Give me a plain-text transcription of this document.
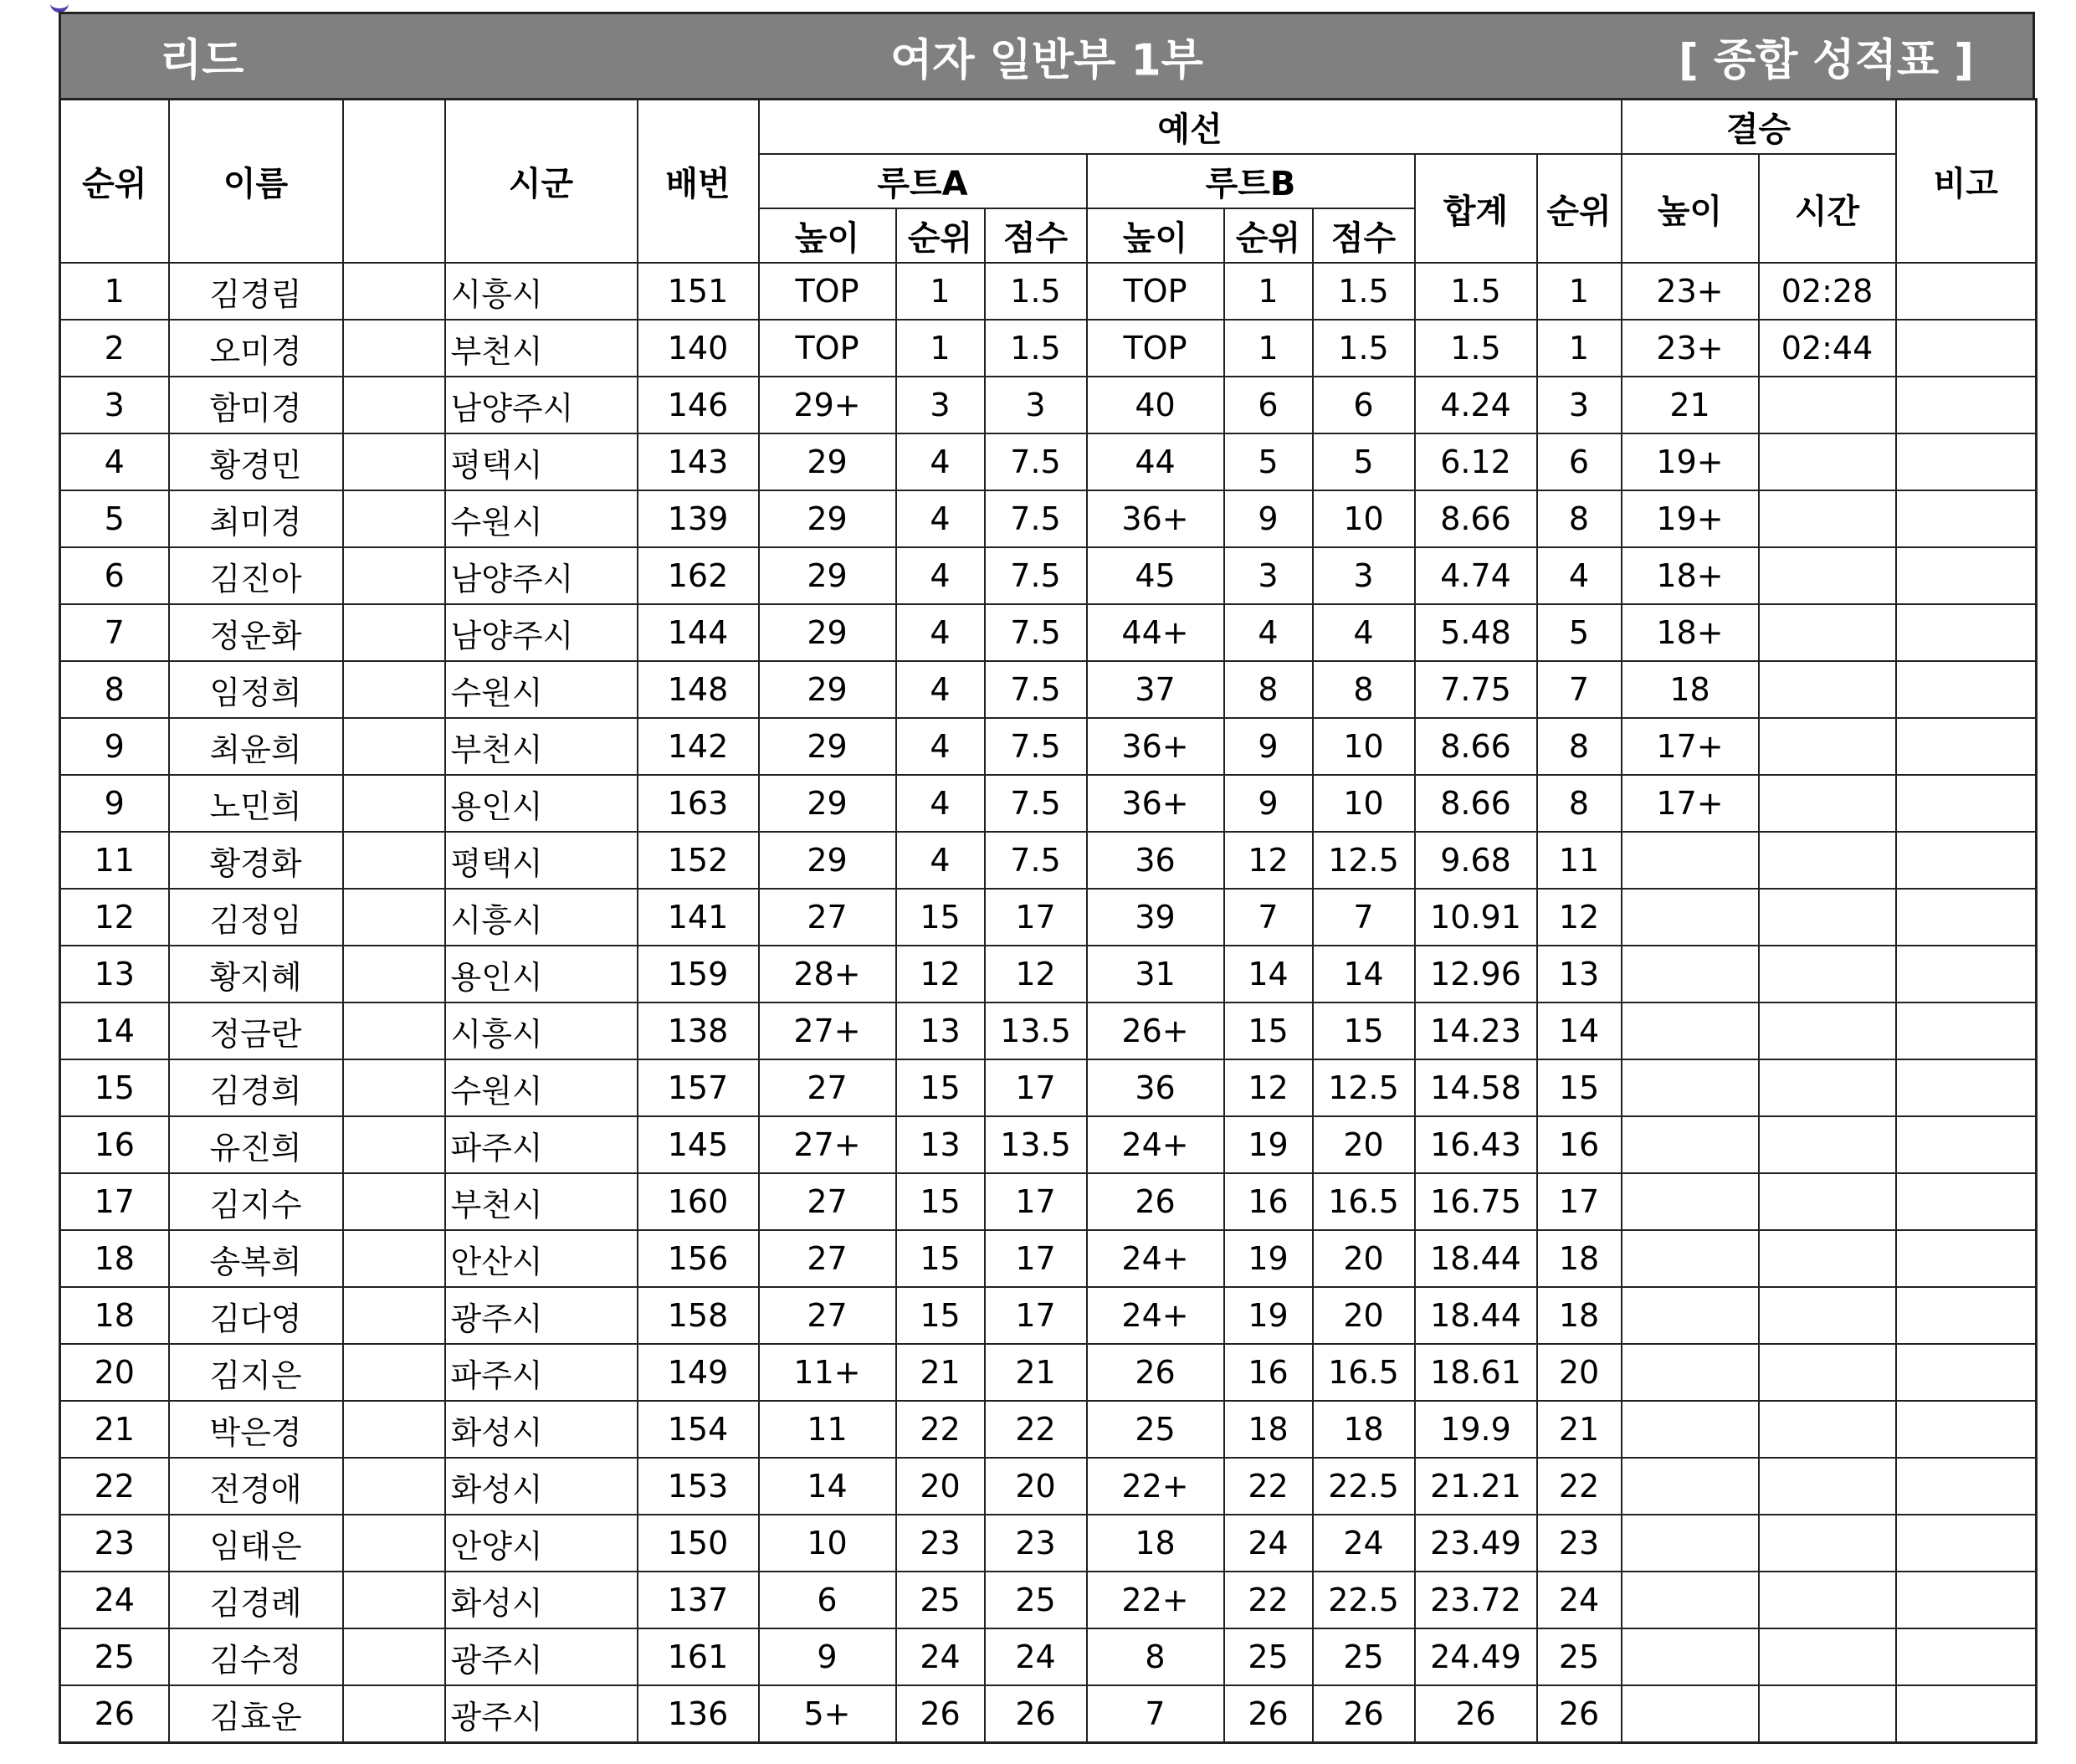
리드	여자 일반부 1부	[ 종합 성적표 ]
순위	이름		시군	배번	예선								결승		비고
					루트A			루트B			합계	순위	높이	시간	
					높이	순위	점수	높이	순위	점수					
1	김경림		시흥시	151	TOP	1	1.5	TOP	1	1.5	1.5	1	23+	02:28	
2	오미경		부천시	140	TOP	1	1.5	TOP	1	1.5	1.5	1	23+	02:44	
3	함미경		남양주시	146	29+	3	3	40	6	6	4.24	3	21		
4	황경민		평택시	143	29	4	7.5	44	5	5	6.12	6	19+		
5	최미경		수원시	139	29	4	7.5	36+	9	10	8.66	8	19+		
6	김진아		남양주시	162	29	4	7.5	45	3	3	4.74	4	18+		
7	정운화		남양주시	144	29	4	7.5	44+	4	4	5.48	5	18+		
8	임정희		수원시	148	29	4	7.5	37	8	8	7.75	7	18		
9	최윤희		부천시	142	29	4	7.5	36+	9	10	8.66	8	17+		
9	노민희		용인시	163	29	4	7.5	36+	9	10	8.66	8	17+		
11	황경화		평택시	152	29	4	7.5	36	12	12.5	9.68	11			
12	김정임		시흥시	141	27	15	17	39	7	7	10.91	12			
13	황지혜		용인시	159	28+	12	12	31	14	14	12.96	13			
14	정금란		시흥시	138	27+	13	13.5	26+	15	15	14.23	14			
15	김경희		수원시	157	27	15	17	36	12	12.5	14.58	15			
16	유진희		파주시	145	27+	13	13.5	24+	19	20	16.43	16			
17	김지수		부천시	160	27	15	17	26	16	16.5	16.75	17			
18	송복희		안산시	156	27	15	17	24+	19	20	18.44	18			
18	김다영		광주시	158	27	15	17	24+	19	20	18.44	18			
20	김지은		파주시	149	11+	21	21	26	16	16.5	18.61	20			
21	박은경		화성시	154	11	22	22	25	18	18	19.9	21			
22	전경애		화성시	153	14	20	20	22+	22	22.5	21.21	22			
23	임태은		안양시	150	10	23	23	18	24	24	23.49	23			
24	김경례		화성시	137	6	25	25	22+	22	22.5	23.72	24			
25	김수정		광주시	161	9	24	24	8	25	25	24.49	25			
26	김효운		광주시	136	5+	26	26	7	26	26	26	26			
